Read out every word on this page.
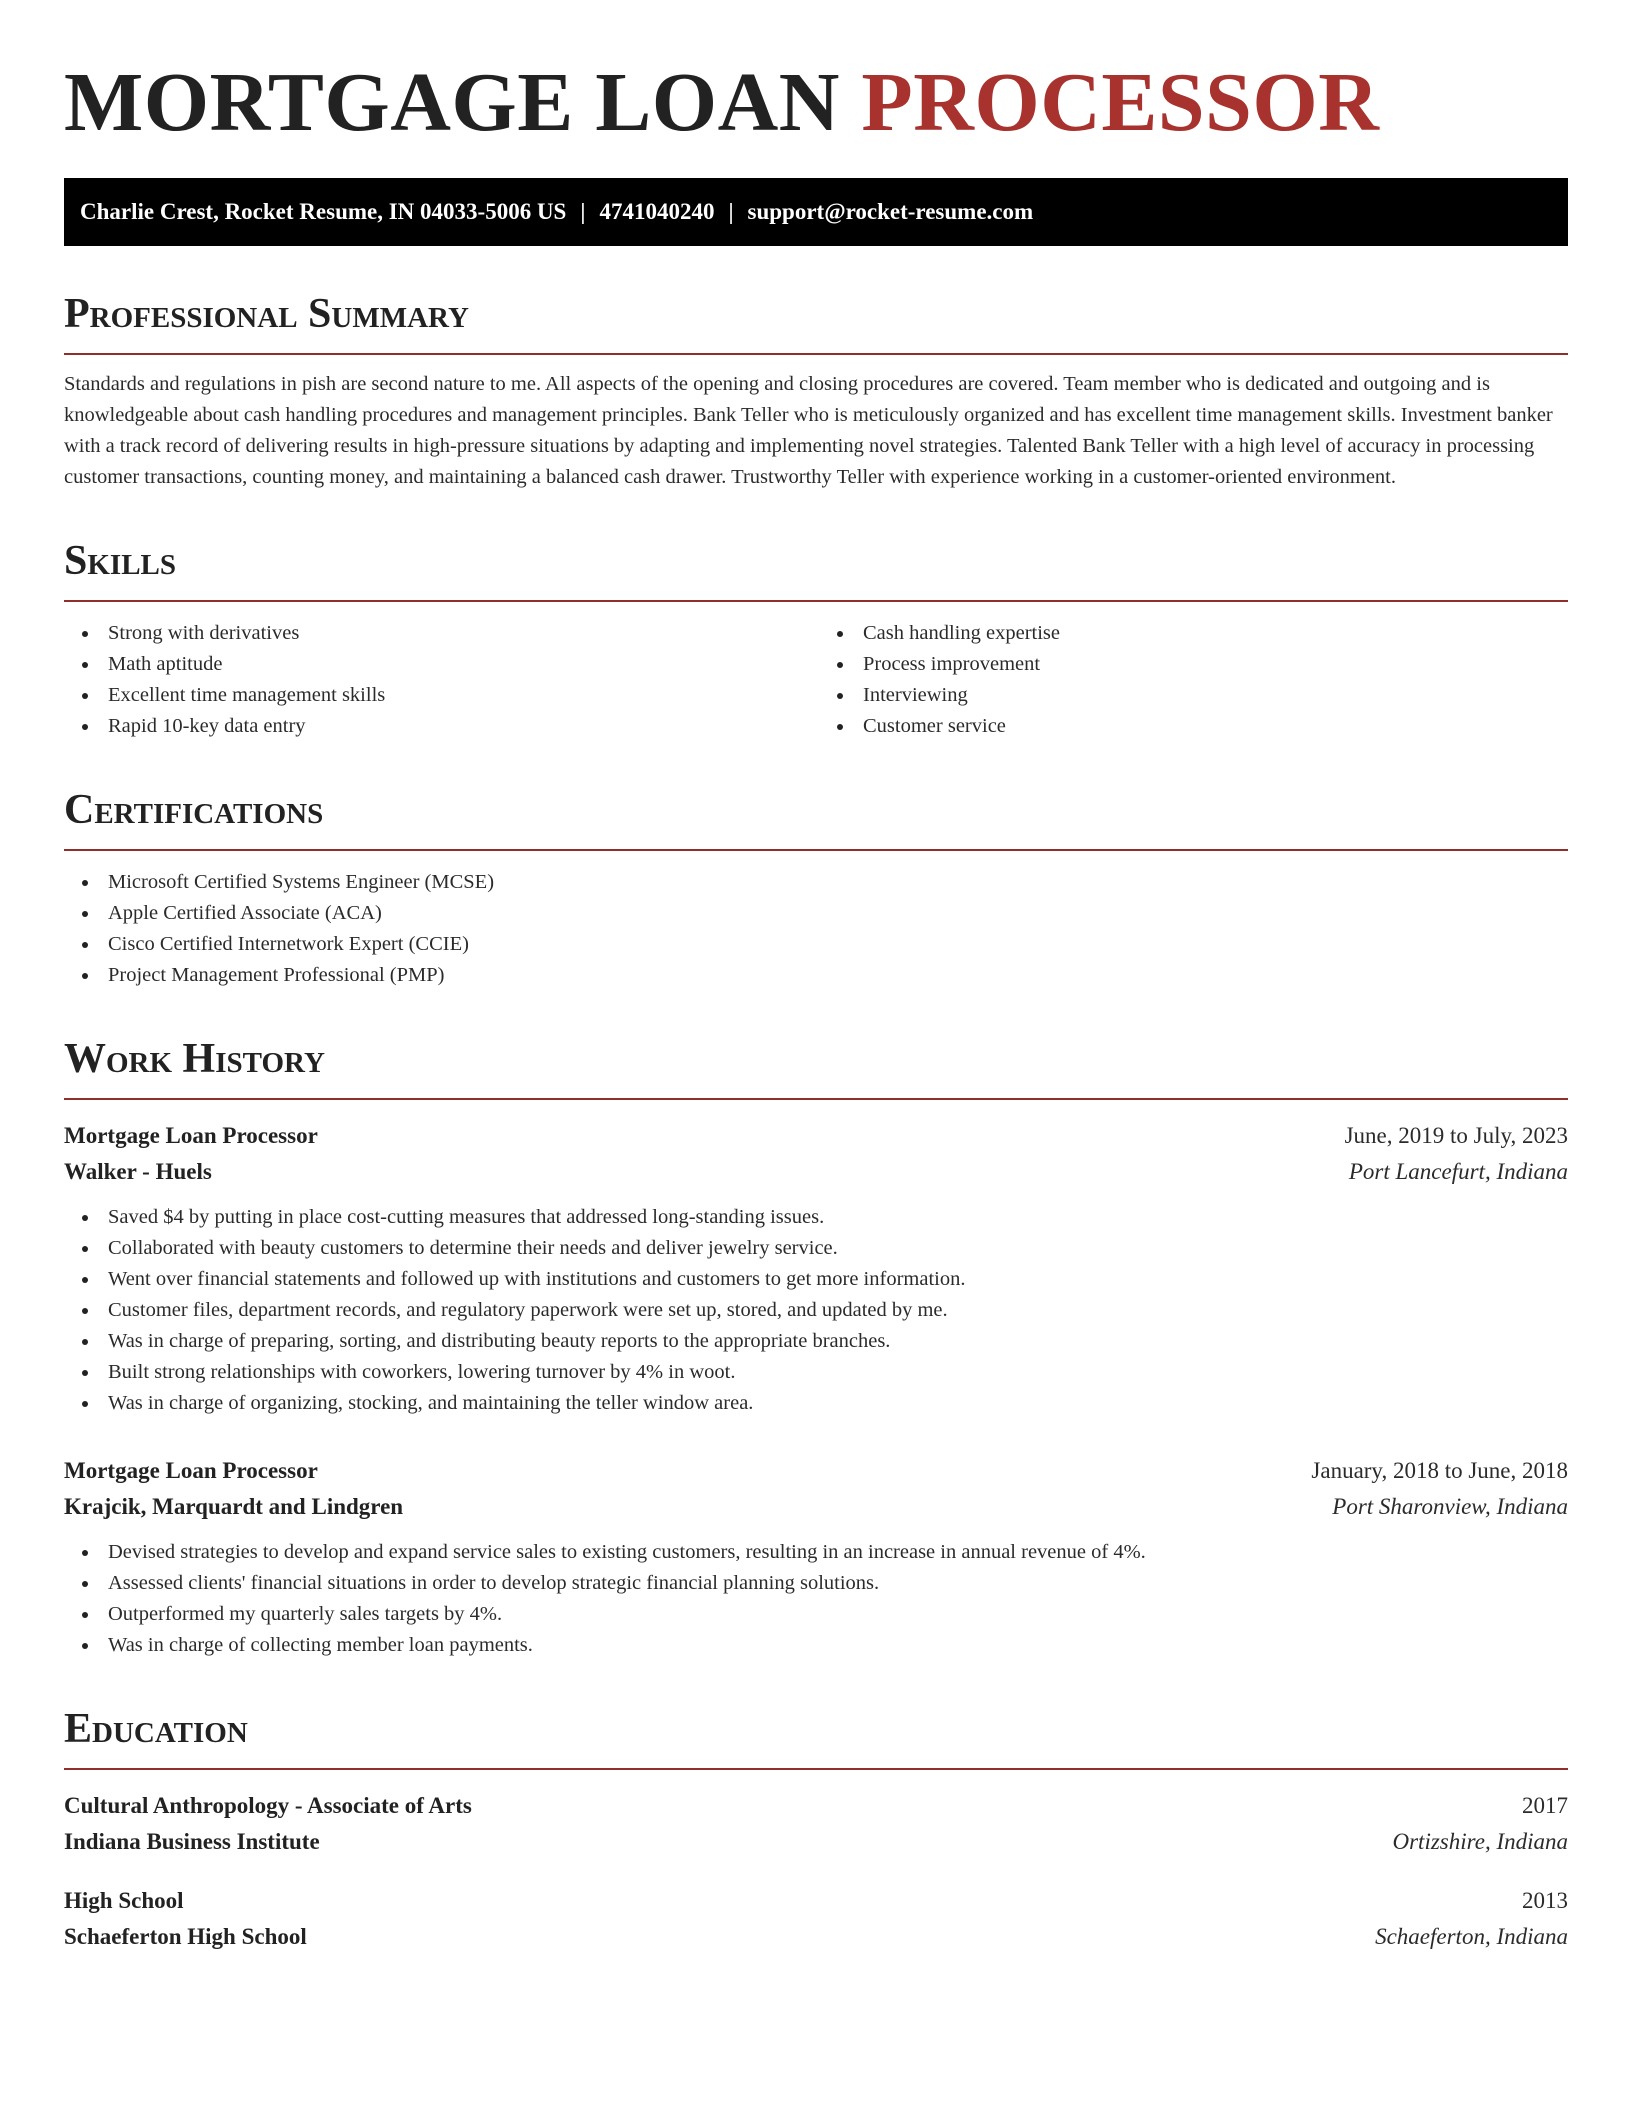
MORTGAGE LOAN PROCESSOR
Charlie Crest, Rocket Resume, IN 04033-5006 US | 4741040240 | support@rocket-resume.com
Professional Summary

Standards and regulations in pish are second nature to me. All aspects of the opening and closing procedures are covered. Team member who is dedicated and outgoing and is knowledgeable about cash handling procedures and management principles. Bank Teller who is meticulously organized and has excellent time management skills. Investment banker with a track record of delivering results in high-pressure situations by adapting and implementing novel strategies. Talented Bank Teller with a high level of accuracy in processing customer transactions, counting money, and maintaining a balanced cash drawer. Trustworthy Teller with experience working in a customer-oriented environment.

Skills
Strong with derivatives
Math aptitude
Excellent time management skills
Rapid 10-key data entry
Cash handling expertise
Process improvement
Interviewing
Customer service
Certifications
Microsoft Certified Systems Engineer (MCSE)
Apple Certified Associate (ACA)
Cisco Certified Internetwork Expert (CCIE)
Project Management Professional (PMP)
Work History
Mortgage Loan Processor	June, 2019 to July, 2023
Walker - Huels	Port Lancefurt, Indiana
Saved $4 by putting in place cost-cutting measures that addressed long-standing issues.
Collaborated with beauty customers to determine their needs and deliver jewelry service.
Went over financial statements and followed up with institutions and customers to get more information.
Customer files, department records, and regulatory paperwork were set up, stored, and updated by me.
Was in charge of preparing, sorting, and distributing beauty reports to the appropriate branches.
Built strong relationships with coworkers, lowering turnover by 4% in woot.
Was in charge of organizing, stocking, and maintaining the teller window area.
Mortgage Loan Processor	January, 2018 to June, 2018
Krajcik, Marquardt and Lindgren	Port Sharonview, Indiana
Devised strategies to develop and expand service sales to existing customers, resulting in an increase in annual revenue of 4%.
Assessed clients' financial situations in order to develop strategic financial planning solutions.
Outperformed my quarterly sales targets by 4%.
Was in charge of collecting member loan payments.
Education
Cultural Anthropology - Associate of Arts	2017
Indiana Business Institute	Ortizshire, Indiana
High School	2013
Schaeferton High School	Schaeferton, Indiana
